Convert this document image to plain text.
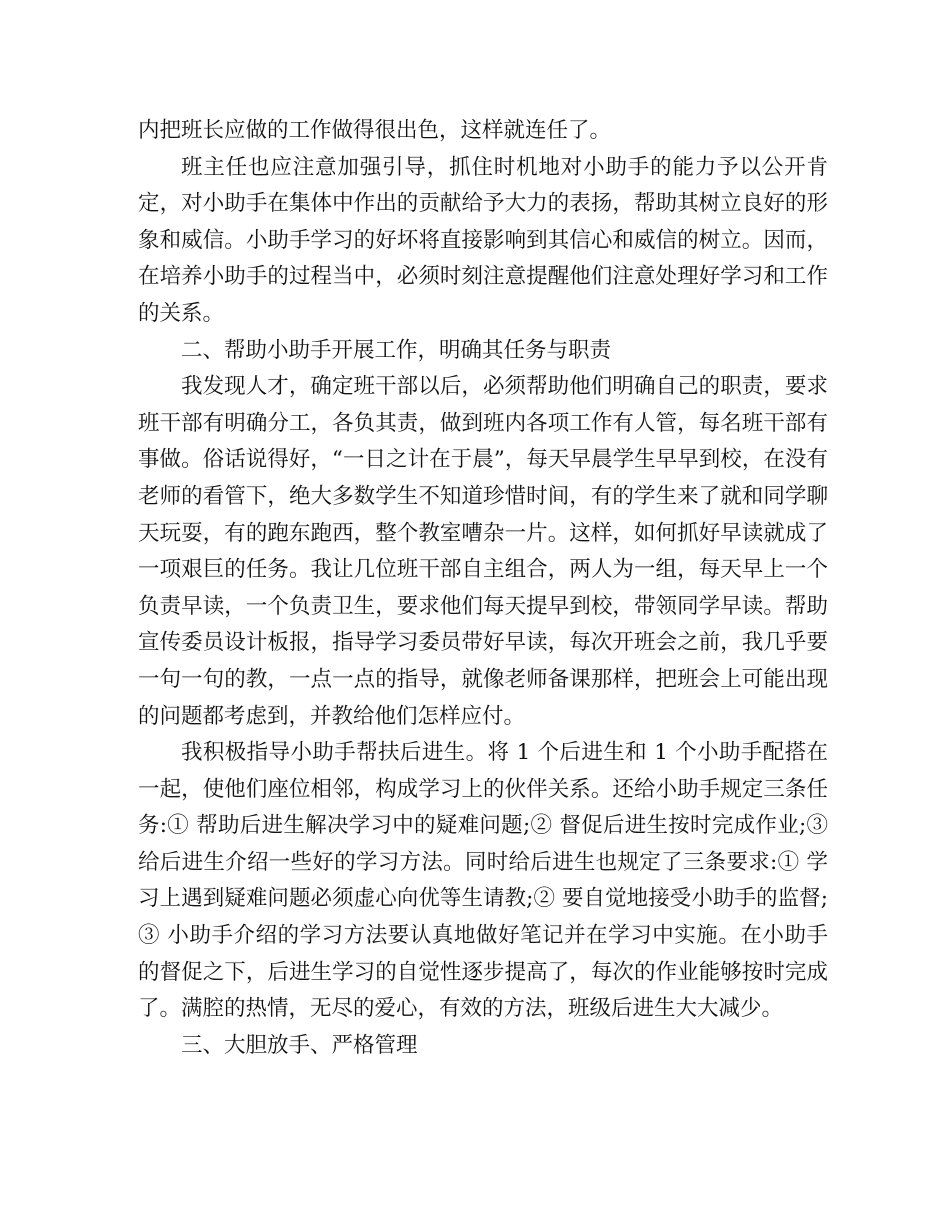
内把班长应做的工作做得很出色，这样就连任了。

班主任也应注意加强引导，抓住时机地对小助手的能力予以公开肯定，对小助手在集体中作出的贡献给予大力的表扬，帮助其树立良好的形象和威信。小助手学习的好坏将直接影响到其信心和威信的树立。因而，在培养小助手的过程当中，必须时刻注意提醒他们注意处理好学习和工作的关系。

二、帮助小助手开展工作，明确其任务与职责

我发现人才，确定班干部以后，必须帮助他们明确自己的职责，要求班干部有明确分工，各负其责，做到班内各项工作有人管，每名班干部有事做。俗话说得好，“一日之计在于晨”，每天早晨学生早早到校，在没有老师的看管下，绝大多数学生不知道珍惜时间，有的学生来了就和同学聊天玩耍，有的跑东跑西，整个教室嘈杂一片。这样，如何抓好早读就成了一项艰巨的任务。我让几位班干部自主组合，两人为一组，每天早上一个负责早读，一个负责卫生，要求他们每天提早到校，带领同学早读。帮助宣传委员设计板报，指导学习委员带好早读，每次开班会之前，我几乎要一句一句的教，一点一点的指导，就像老师备课那样，把班会上可能出现的问题都考虑到，并教给他们怎样应付。

我积极指导小助手帮扶后进生。将 1 个后进生和 1 个小助手配搭在一起，使他们座位相邻，构成学习上的伙伴关系。还给小助手规定三条任务:① 帮助后进生解决学习中的疑难问题;② 督促后进生按时完成作业;③ 给后进生介绍一些好的学习方法。同时给后进生也规定了三条要求:① 学习上遇到疑难问题必须虚心向优等生请教;② 要自觉地接受小助手的监督;③ 小助手介绍的学习方法要认真地做好笔记并在学习中实施。在小助手的督促之下，后进生学习的自觉性逐步提高了，每次的作业能够按时完成了。满腔的热情，无尽的爱心，有效的方法，班级后进生大大减少。

三、大胆放手、严格管理
